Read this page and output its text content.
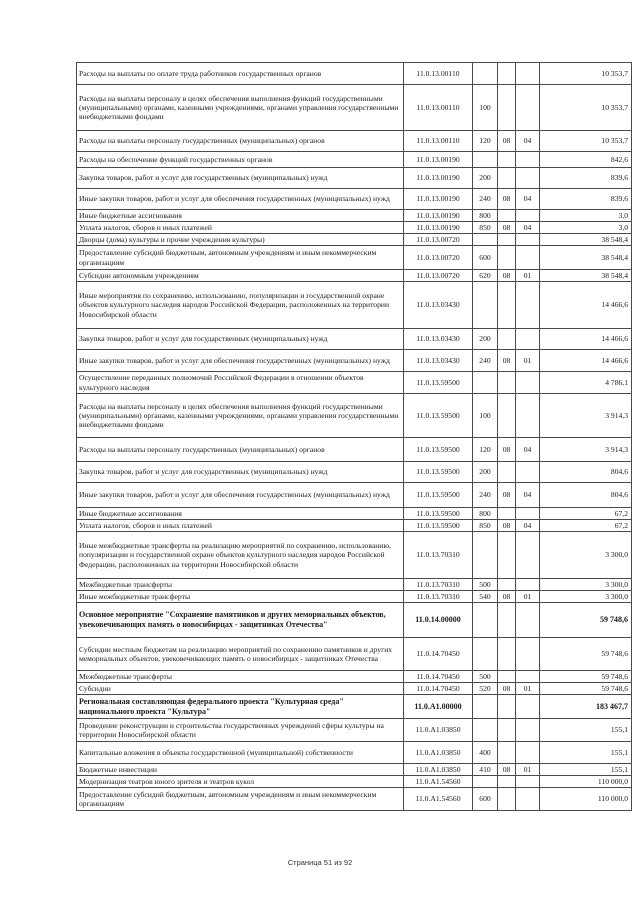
Расходы на выплаты по оплате труда работников государственных органов	11.0.13.00110				10 353,7
Расходы на выплаты персоналу в целях обеспечения выполнения функций государственными (муниципальными) органами, казенными учреждениями, органами управления государственными внебюджетными фондами	11.0.13.00110	100			10 353,7
Расходы на выплаты персоналу государственных (муниципальных) органов	11.0.13.00110	120	08	04	10 353,7
Расходы на обеспечение функций государственных органов	11.0.13.00190				842,6
Закупка товаров, работ и услуг для государственных (муниципальных) нужд	11.0.13.00190	200			839,6
Иные закупки товаров, работ и услуг для обеспечения государственных (муниципальных) нужд	11.0.13.00190	240	08	04	839,6
Иные бюджетные ассигнования	11.0.13.00190	800			3,0
Уплата налогов, сборов и иных платежей	11.0.13.00190	850	08	04	3,0
Дворцы (дома) культуры и прочие учреждения культуры)	11.0.13.00720				38 548,4
Предоставление субсидий бюджетным, автономным учреждениям и иным некоммерческим организациям	11.0.13.00720	600			38 548,4
Субсидии автономным учреждениям	11.0.13.00720	620	08	01	38 548,4
Иные мероприятия по сохранению, использованию, популяризации и государственной охране объектов культурного наследия народов Российской Федерации, расположенных на территории Новосибирской области	11.0.13.03430				14 466,6
Закупка товаров, работ и услуг для государственных (муниципальных) нужд	11.0.13.03430	200			14 466,6
Иные закупки товаров, работ и услуг для обеспечения государственных (муниципальных) нужд	11.0.13.03430	240	08	01	14 466,6
Осуществление переданных полномочий Российской Федерации в отношении объектов культурного наследия	11.0.13.59500				4 786,1
Расходы на выплаты персоналу в целях обеспечения выполнения функций государственными (муниципальными) органами, казенными учреждениями, органами управления государственными внебюджетными фондами	11.0.13.59500	100			3 914,3
Расходы на выплаты персоналу государственных (муниципальных) органов	11.0.13.59500	120	08	04	3 914,3
Закупка товаров, работ и услуг для государственных (муниципальных) нужд	11.0.13.59500	200			804,6
Иные закупки товаров, работ и услуг для обеспечения государственных (муниципальных) нужд	11.0.13.59500	240	08	04	804,6
Иные бюджетные ассигнования	11.0.13.59500	800			67,2
Уплата налогов, сборов и иных платежей	11.0.13.59500	850	08	04	67,2
Иные межбюджетные трансферты на реализацию мероприятий по сохранению, использованию, популяризации и государственной охране объектов культурного наследия народов Российской Федерации, расположенных на территории Новосибирской области	11.0.13.70310				3 300,0
Межбюджетные трансферты	11.0.13.70310	500			3 300,0
Иные межбюджетные трансферты	11.0.13.70310	540	08	01	3 300,0
Основное мероприятие "Сохранение памятников и других мемориальных объектов, увековечивающих память о новосибирцах - защитниках Отечества"	11.0.14.00000				59 748,6
Субсидии местным бюджетам на реализацию мероприятий по сохранению памятников и других мемориальных объектов, увековечивающих память о новосибирцах - защитниках Отечества	11.0.14.70450				59 748,6
Межбюджетные трансферты	11.0.14.70450	500			59 748,6
Субсидии	11.0.14.70450	520	08	01	59 748,6
Региональная составляющая федерального проекта "Культурная среда" национального проекта "Культура"	11.0.A1.00000				183 467,7
Проведение реконструкции и строительства государственных учреждений сферы культуры на территории Новосибирской области	11.0.A1.03850				155,1
Капитальные вложения в объекты государственной (муниципальной) собственности	11.0.A1.03850	400			155,1
Бюджетные инвестиции	11.0.A1.03850	410	08	01	155,1
Модернизация театров юного зрителя и театров кукол	11.0.A1.54560				110 000,0
Предоставление субсидий бюджетным, автономным учреждениям и иным некоммерческим организациям	11.0.A1.54560	600			110 000,0
Страница 51 из 92
